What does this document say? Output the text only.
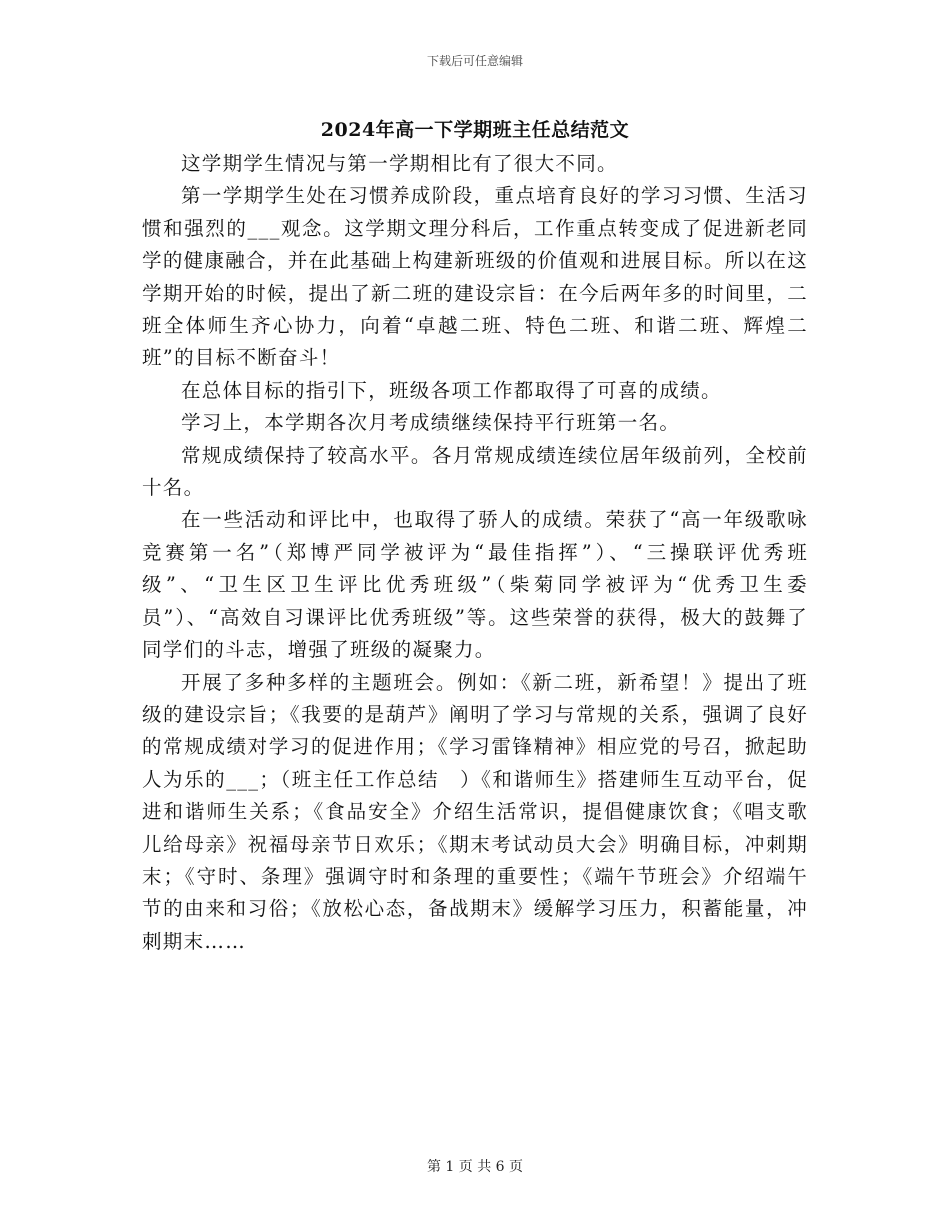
下载后可任意编辑
2024年高一下学期班主任总结范文

这学期学生情况与第一学期相比有了很大不同。

第一学期学生处在习惯养成阶段，重点培育良好的学习习惯、生活习惯和强烈的___观念。这学期文理分科后，工作重点转变成了促进新老同学的健康融合，并在此基础上构建新班级的价值观和进展目标。所以在这学期开始的时候，提出了新二班的建设宗旨：在今后两年多的时间里，二班全体师生齐心协力，向着“卓越二班、特色二班、和谐二班、辉煌二班”的目标不断奋斗！

在总体目标的指引下，班级各项工作都取得了可喜的成绩。

学习上，本学期各次月考成绩继续保持平行班第一名。

常规成绩保持了较高水平。各月常规成绩连续位居年级前列，全校前十名。

在一些活动和评比中，也取得了骄人的成绩。荣获了“高一年级歌咏竞赛第一名”（郑博严同学被评为“最佳指挥”）、“三操联评优秀班级”、“卫生区卫生评比优秀班级”（柴菊同学被评为“优秀卫生委员”）、“高效自习课评比优秀班级”等。这些荣誉的获得，极大的鼓舞了同学们的斗志，增强了班级的凝聚力。

开展了多种多样的主题班会。例如：《新二班，新希望！》提出了班级的建设宗旨；《我要的是葫芦》阐明了学习与常规的关系，强调了良好的常规成绩对学习的促进作用；《学习雷锋精神》相应党的号召，掀起助人为乐的___；（班主任工作总结　）《和谐师生》搭建师生互动平台，促进和谐师生关系；《食品安全》介绍生活常识，提倡健康饮食；《唱支歌儿给母亲》祝福母亲节日欢乐；《期末考试动员大会》明确目标，冲刺期末；《守时、条理》强调守时和条理的重要性；《端午节班会》介绍端午节的由来和习俗；《放松心态，备战期末》缓解学习压力，积蓄能量，冲刺期末……

第 1 页 共 6 页
